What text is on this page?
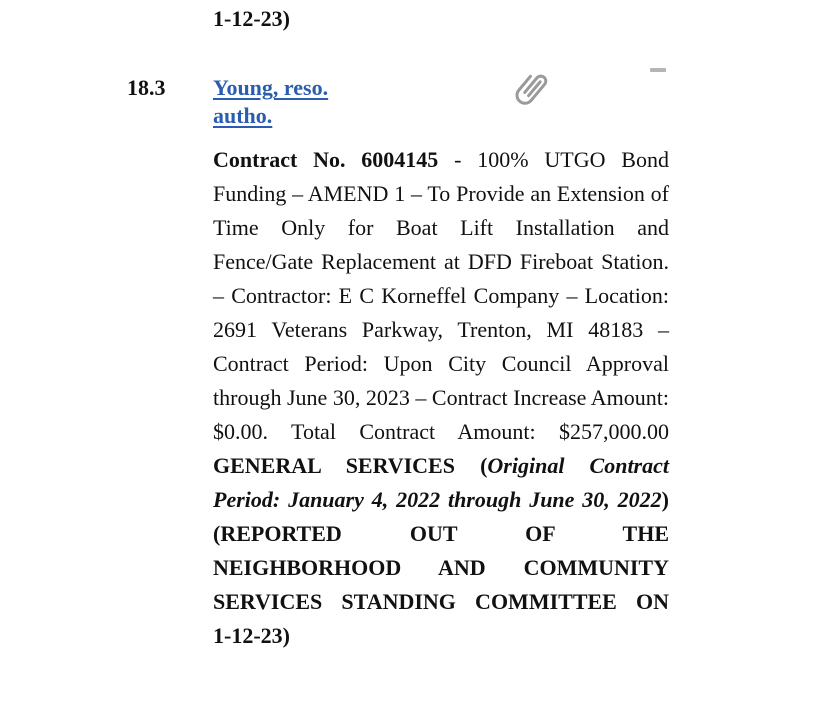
1-12-23)
18.3 Young, reso.
autho.

Contract No. 6004145 - 100% UTGO Bond Funding – AMEND 1 – To Provide an Extension of Time Only for Boat Lift Installation and Fence/Gate Replacement at DFD Fireboat Station. – Contractor: E C Korneffel Company – Location: 2691 Veterans Parkway, Trenton, MI 48183 – Contract Period: Upon City Council Approval through June 30, 2023 – Contract Increase Amount: $0.00. Total Contract Amount: $257,000.00 GENERAL SERVICES (Original Contract Period: January 4, 2022 through June 30, 2022) (REPORTED OUT OF THE NEIGHBORHOOD AND COMMUNITY SERVICES STANDING COMMITTEE ON

1-12-23)
